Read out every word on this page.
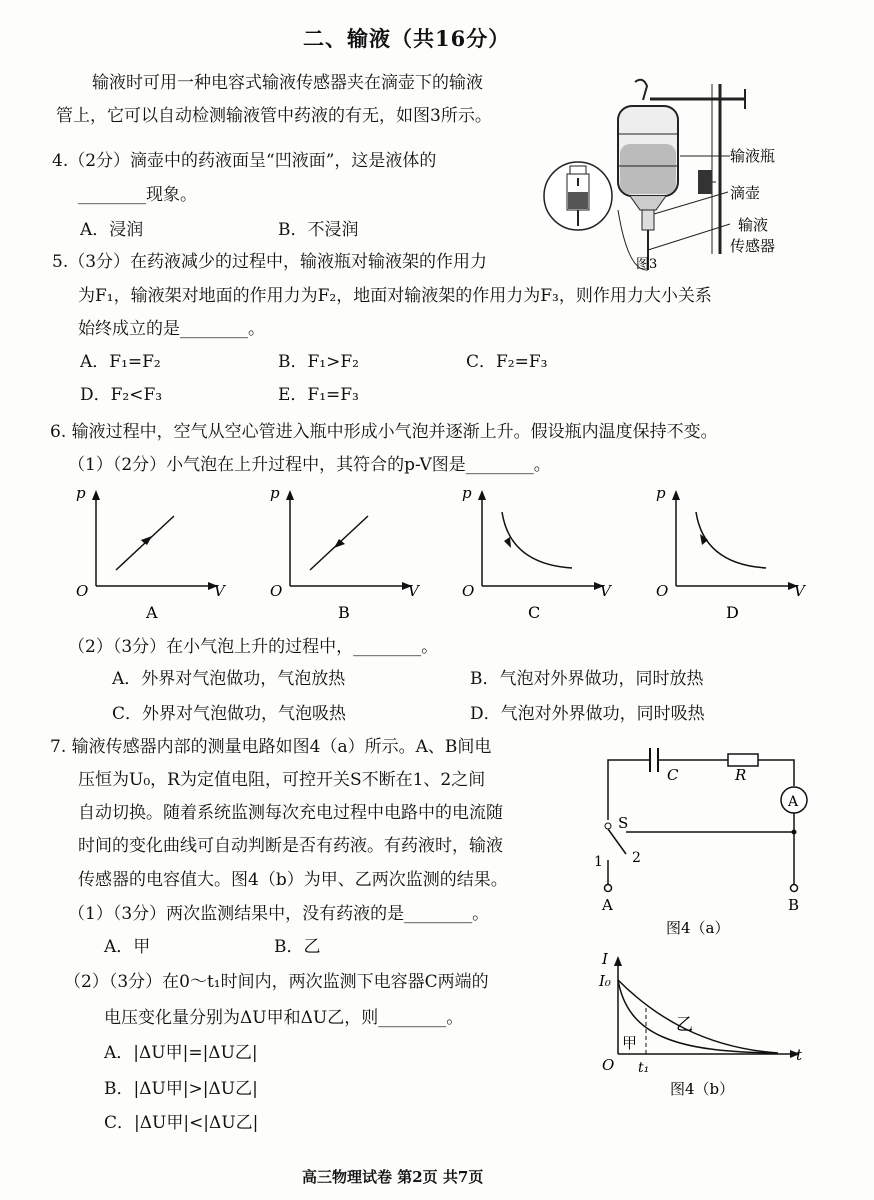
二、输液（共16分）
输液时可用一种电容式输液传感器夹在滴壶下的输液
管上，它可以自动检测输液管中药液的有无，如图3所示。
输液瓶
滴壶
输液
传感器
图3
4.（2分）滴壶中的药液面呈“凹液面”，这是液体的
________现象。
A．浸润	B．不浸润
5.（3分）在药液减少的过程中，输液瓶对输液架的作用力
为F₁，输液架对地面的作用力为F₂，地面对输液架的作用力为F₃，则作用力大小关系
始终成立的是________。
A．F₁=F₂	B．F₁>F₂	C．F₂=F₃
D．F₂<F₃	E．F₁=F₃
6. 输液过程中，空气从空心管进入瓶中形成小气泡并逐渐上升。假设瓶内温度保持不变。
（1）（2分）小气泡在上升过程中，其符合的p-V图是________。
p
V
O
A
p
V
O
B
p
V
O
C
p
V
O
D
（2）（3分）在小气泡上升的过程中，________。
A．外界对气泡做功，气泡放热	B．气泡对外界做功，同时放热
C．外界对气泡做功，气泡吸热	D．气泡对外界做功，同时吸热
7. 输液传感器内部的测量电路如图4（a）所示。A、B间电
压恒为U₀，R为定值电阻，可控开关S不断在1、2之间
自动切换。随着系统监测每次充电过程中电路中的电流随
时间的变化曲线可自动判断是否有药液。有药液时，输液
传感器的电容值大。图4（b）为甲、乙两次监测的结果。
（1）（3分）两次监测结果中，没有药液的是________。
A．甲	B．乙
（2）（3分）在0～t₁时间内，两次监测下电容器C两端的
电压变化量分别为ΔU甲和ΔU乙，则________。
A．|ΔU甲|=|ΔU乙|
B．|ΔU甲|>|ΔU乙|
C．|ΔU甲|<|ΔU乙|
C	R
A
S
1 2
A	B
图4（a）
I
I₀
O t₁
t
甲
乙
图4（b）
高三物理试卷 第2页 共7页
